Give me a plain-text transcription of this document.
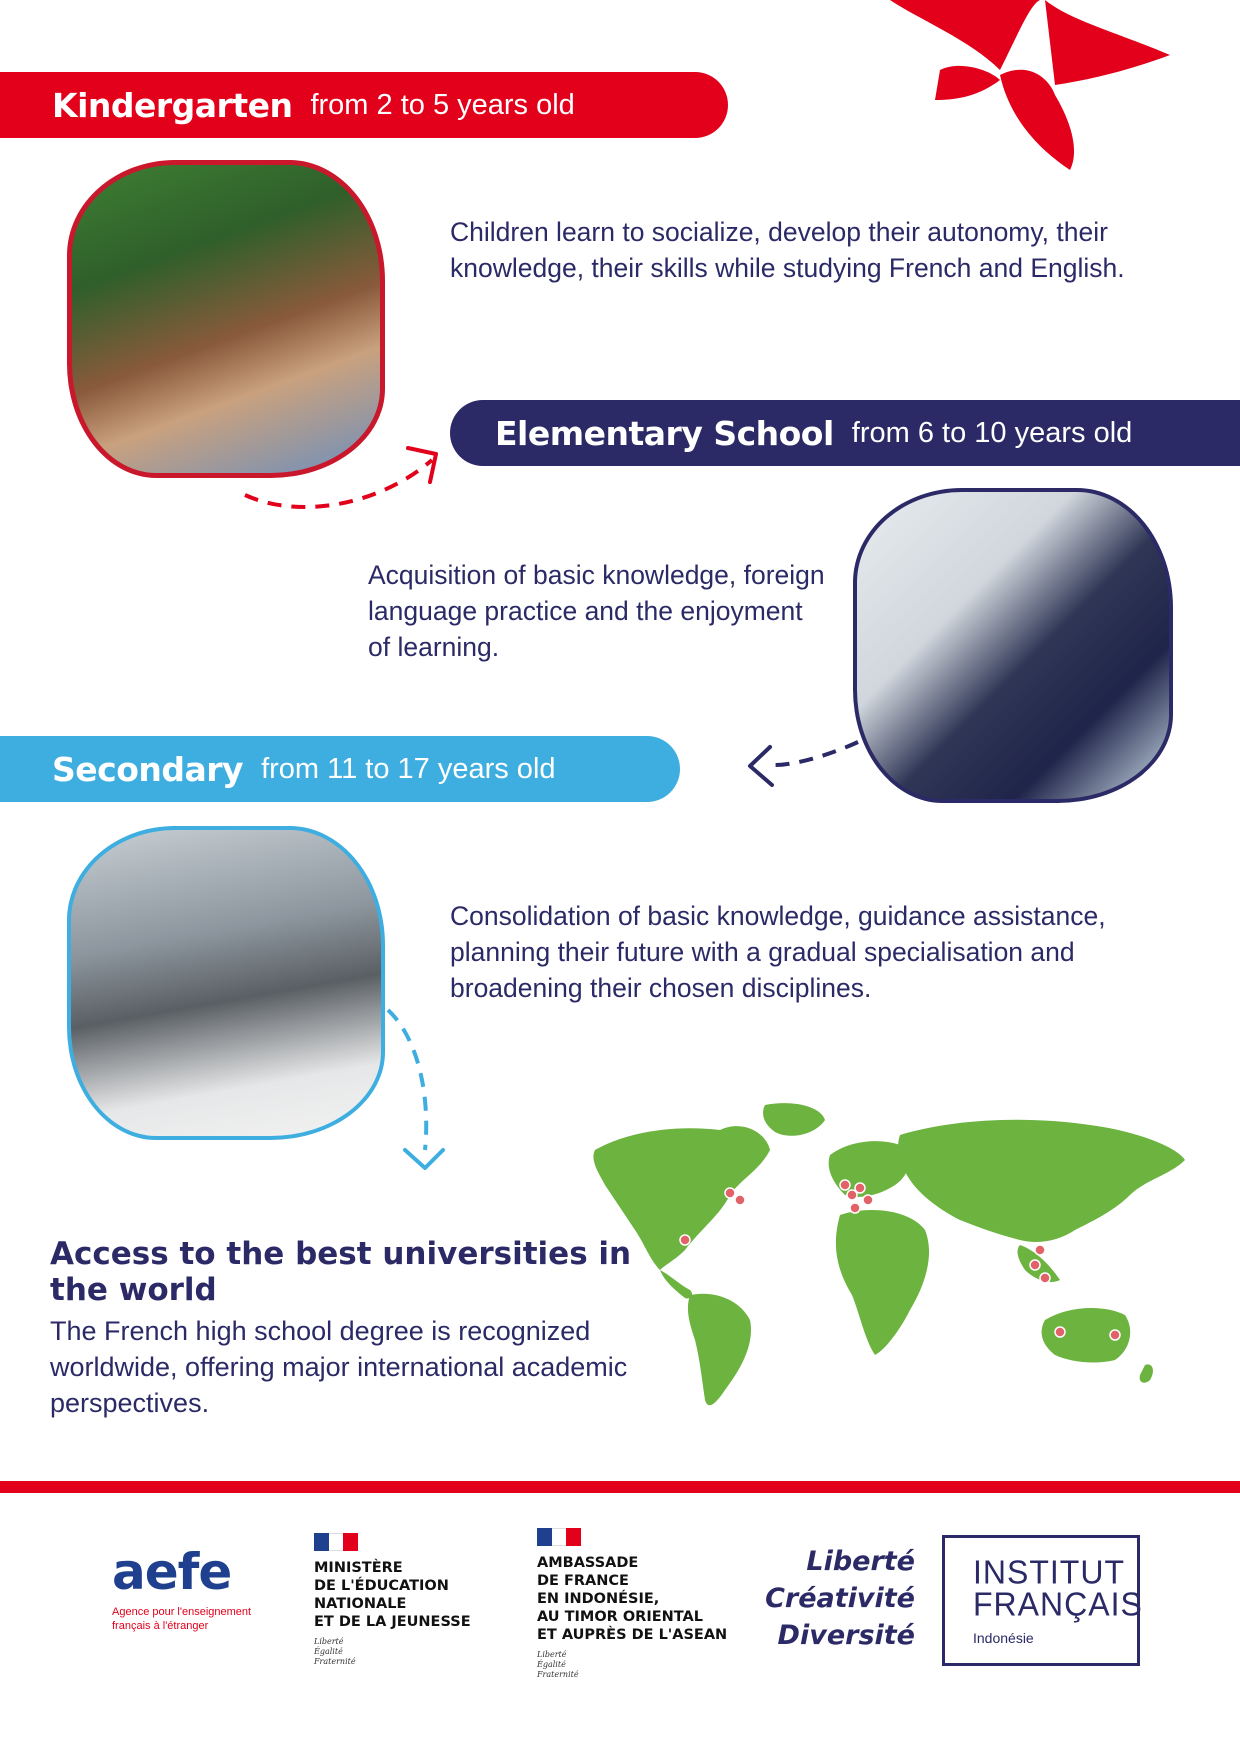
Kindergarten from 2 to 5 years old

Children learn to socialize, develop their autonomy, their knowledge, their skills while studying French and English.

Elementary School from 6 to 10 years old

Acquisition of basic knowledge, foreign language practice and the enjoyment of learning.

Secondary from 11 to 17 years old

Consolidation of basic knowledge, guidance assistance, planning their future with a gradual specialisation and broadening their chosen disciplines.

Access to the best universities in the world

The French high school degree is recognized worldwide, offering major international academic perspectives.

aefe
Agence pour l'enseignement français à l'étranger
MINISTÈRE
DE L'ÉDUCATION
NATIONALE
ET DE LA JEUNESSE
Liberté
Égalité
Fraternité
AMBASSADE
DE FRANCE
EN INDONÉSIE,
AU TIMOR ORIENTAL
ET AUPRÈS DE L'ASEAN
Liberté
Égalité
Fraternité
Liberté
Créativité
Diversité
INSTITUT
FRANÇAIS
Indonésie
